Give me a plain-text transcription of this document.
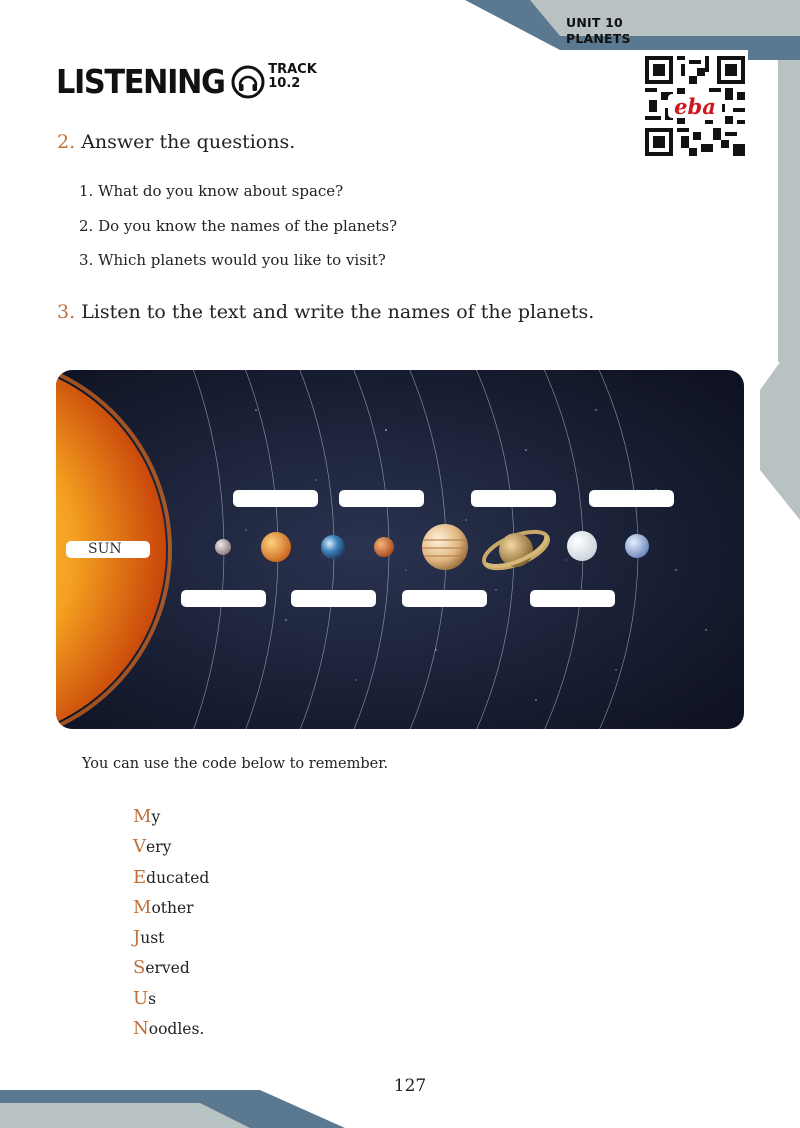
UNIT 10
PLANETS
LISTENING	TRACK
10.2
eba
2. Answer the questions.
1. What do you know about space?
2. Do you know the names of the planets?
3. Which planets would you like to visit?
3. Listen to the text and write the names of the planets.
SUN
You can use the code below to remember.
My
Very
Educated
Mother
Just
Served
Us
Noodles.
127
